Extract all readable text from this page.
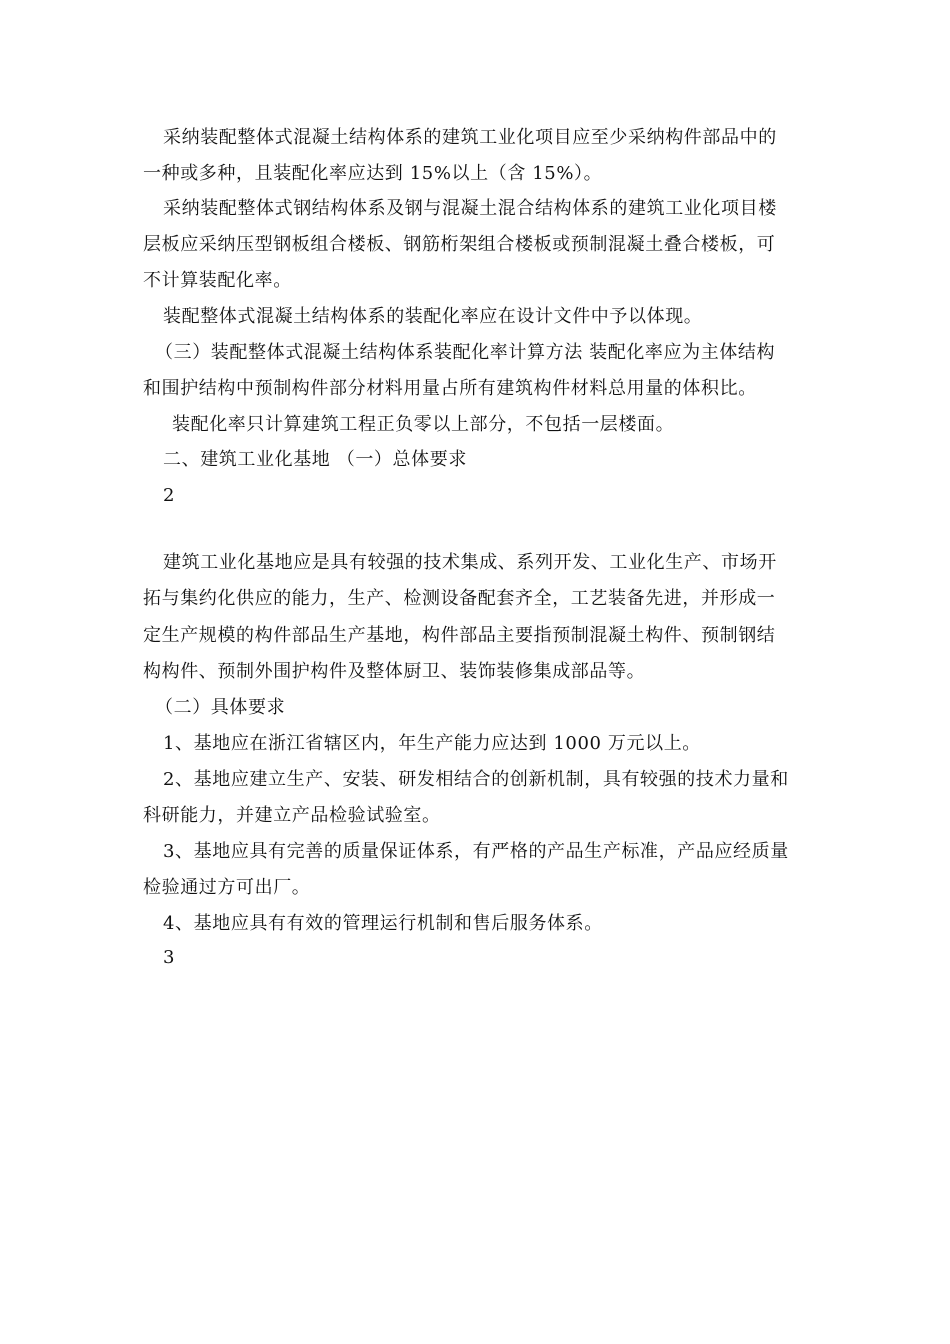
采纳装配整体式混凝土结构体系的建筑工业化项目应至少采纳构件部品中的
一种或多种，且装配化率应达到 15%以上（含 15%）。
采纳装配整体式钢结构体系及钢与混凝土混合结构体系的建筑工业化项目楼
层板应采纳压型钢板组合楼板、钢筋桁架组合楼板或预制混凝土叠合楼板，可
不计算装配化率。
装配整体式混凝土结构体系的装配化率应在设计文件中予以体现。
（三）装配整体式混凝土结构体系装配化率计算方法 装配化率应为主体结构
和围护结构中预制构件部分材料用量占所有建筑构件材料总用量的体积比。
装配化率只计算建筑工程正负零以上部分，不包括一层楼面。
二、建筑工业化基地 （一）总体要求
2
建筑工业化基地应是具有较强的技术集成、系列开发、工业化生产、市场开
拓与集约化供应的能力，生产、检测设备配套齐全，工艺装备先进，并形成一
定生产规模的构件部品生产基地，构件部品主要指预制混凝土构件、预制钢结
构构件、预制外围护构件及整体厨卫、装饰装修集成部品等。
（二）具体要求
1、基地应在浙江省辖区内，年生产能力应达到 1000 万元以上。
2、基地应建立生产、安装、研发相结合的创新机制，具有较强的技术力量和
科研能力，并建立产品检验试验室。
3、基地应具有完善的质量保证体系，有严格的产品生产标准，产品应经质量
检验通过方可出厂。
4、基地应具有有效的管理运行机制和售后服务体系。
3
